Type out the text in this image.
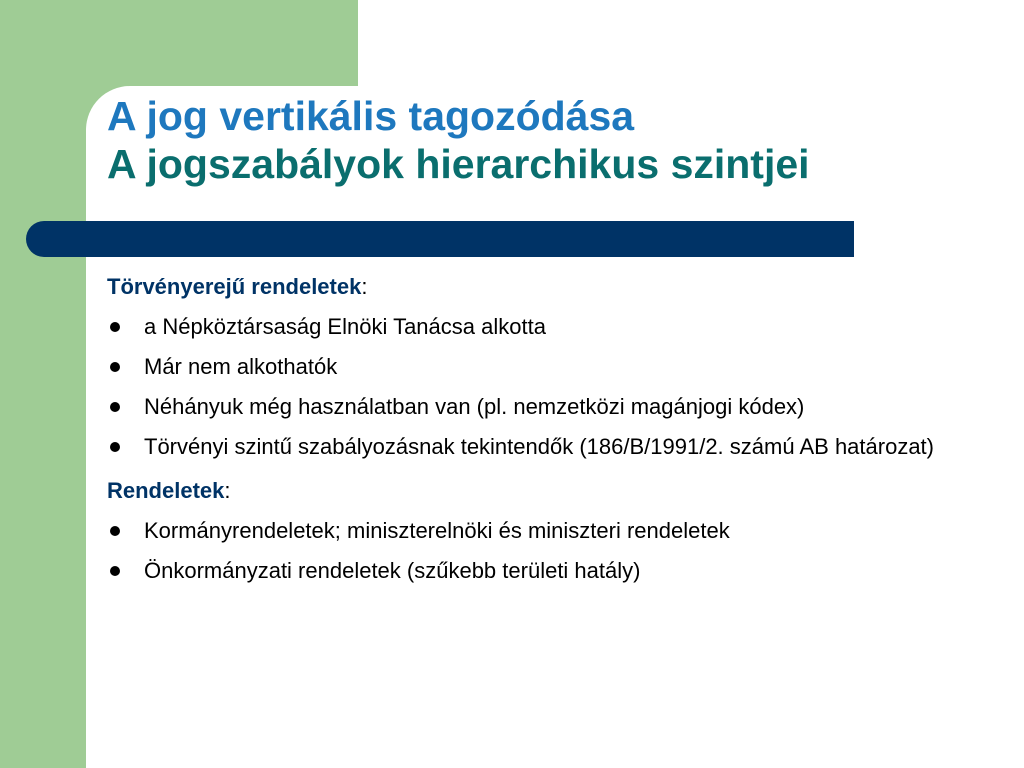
A jog vertikális tagozódása

A jogszabályok hierarchikus szintjei

Törvényerejű rendeletek:

a Népköztársaság Elnöki Tanácsa alkotta
Már nem alkothatók
Néhányuk még használatban van (pl. nemzetközi magánjogi kódex)
Törvényi szintű szabályozásnak tekintendők (186/B/1991/2. számú AB határozat)

Rendeletek:

Kormányrendeletek; miniszterelnöki és miniszteri rendeletek
Önkormányzati rendeletek (szűkebb területi hatály)
